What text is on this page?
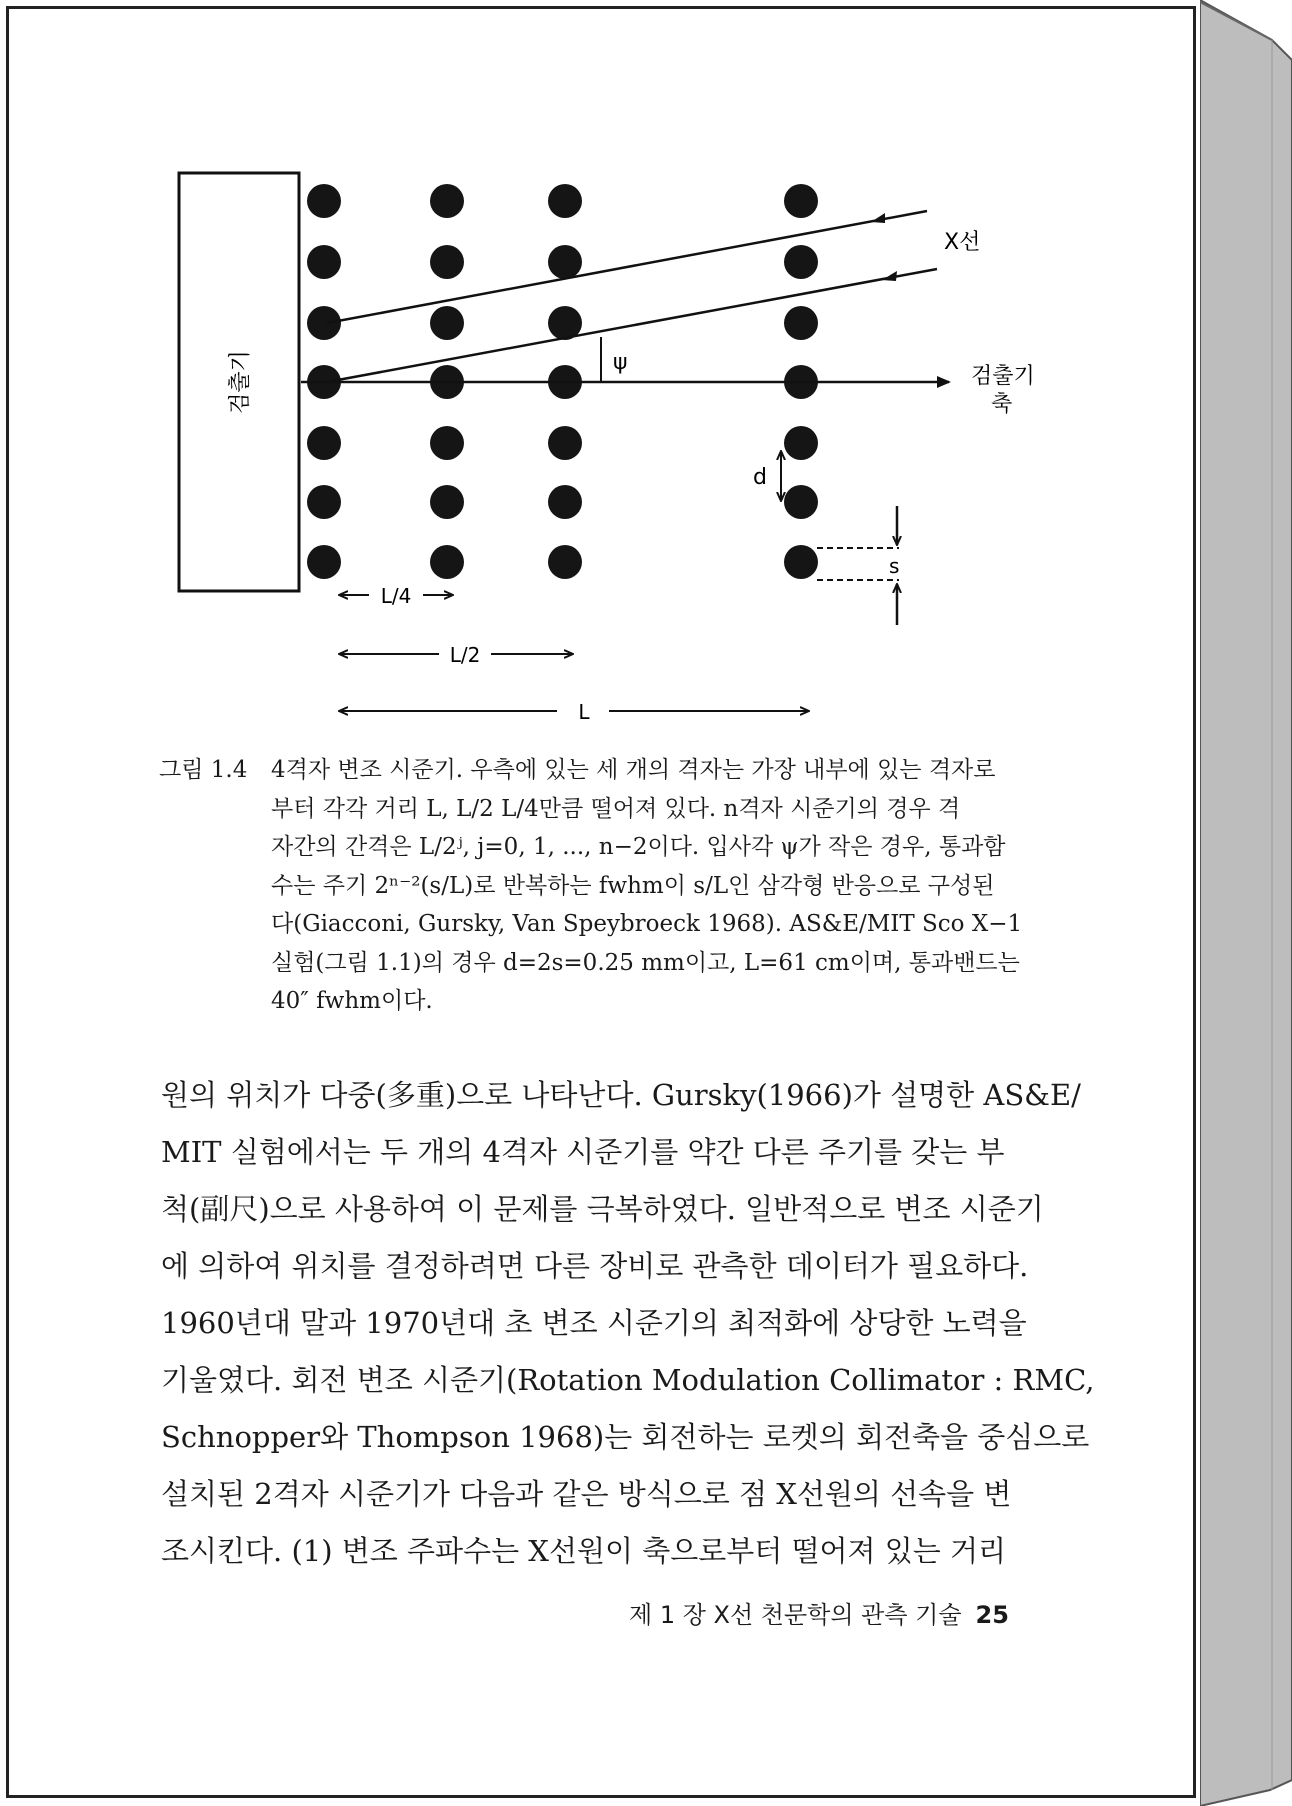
검출기	ψ
X선
검출기
축
d
s
L/4
L/2
L
그림 1.4 4격자 변조 시준기. 우측에 있는 세 개의 격자는 가장 내부에 있는 격자로
부터 각각 거리 L, L/2 L/4만큼 떨어져 있다. n격자 시준기의 경우 격
자간의 간격은 L/2ʲ, j=0, 1, ..., n−2이다. 입사각 ψ가 작은 경우, 통과함
수는 주기 2ⁿ⁻²(s/L)로 반복하는 fwhm이 s/L인 삼각형 반응으로 구성된
다(Giacconi, Gursky, Van Speybroeck 1968). AS&E/MIT Sco X−1
실험(그림 1.1)의 경우 d=2s=0.25 mm이고, L=61 cm이며, 통과밴드는
40″ fwhm이다.
원의 위치가 다중(多重)으로 나타난다. Gursky(1966)가 설명한 AS&E/
MIT 실험에서는 두 개의 4격자 시준기를 약간 다른 주기를 갖는 부
척(副尺)으로 사용하여 이 문제를 극복하였다. 일반적으로 변조 시준기
에 의하여 위치를 결정하려면 다른 장비로 관측한 데이터가 필요하다.
1960년대 말과 1970년대 초 변조 시준기의 최적화에 상당한 노력을
기울였다. 회전 변조 시준기(Rotation Modulation Collimator : RMC,
Schnopper와 Thompson 1968)는 회전하는 로켓의 회전축을 중심으로
설치된 2격자 시준기가 다음과 같은 방식으로 점 X선원의 선속을 변
조시킨다. (1) 변조 주파수는 X선원이 축으로부터 떨어져 있는 거리
제 1 장 X선 천문학의 관측 기술 25
